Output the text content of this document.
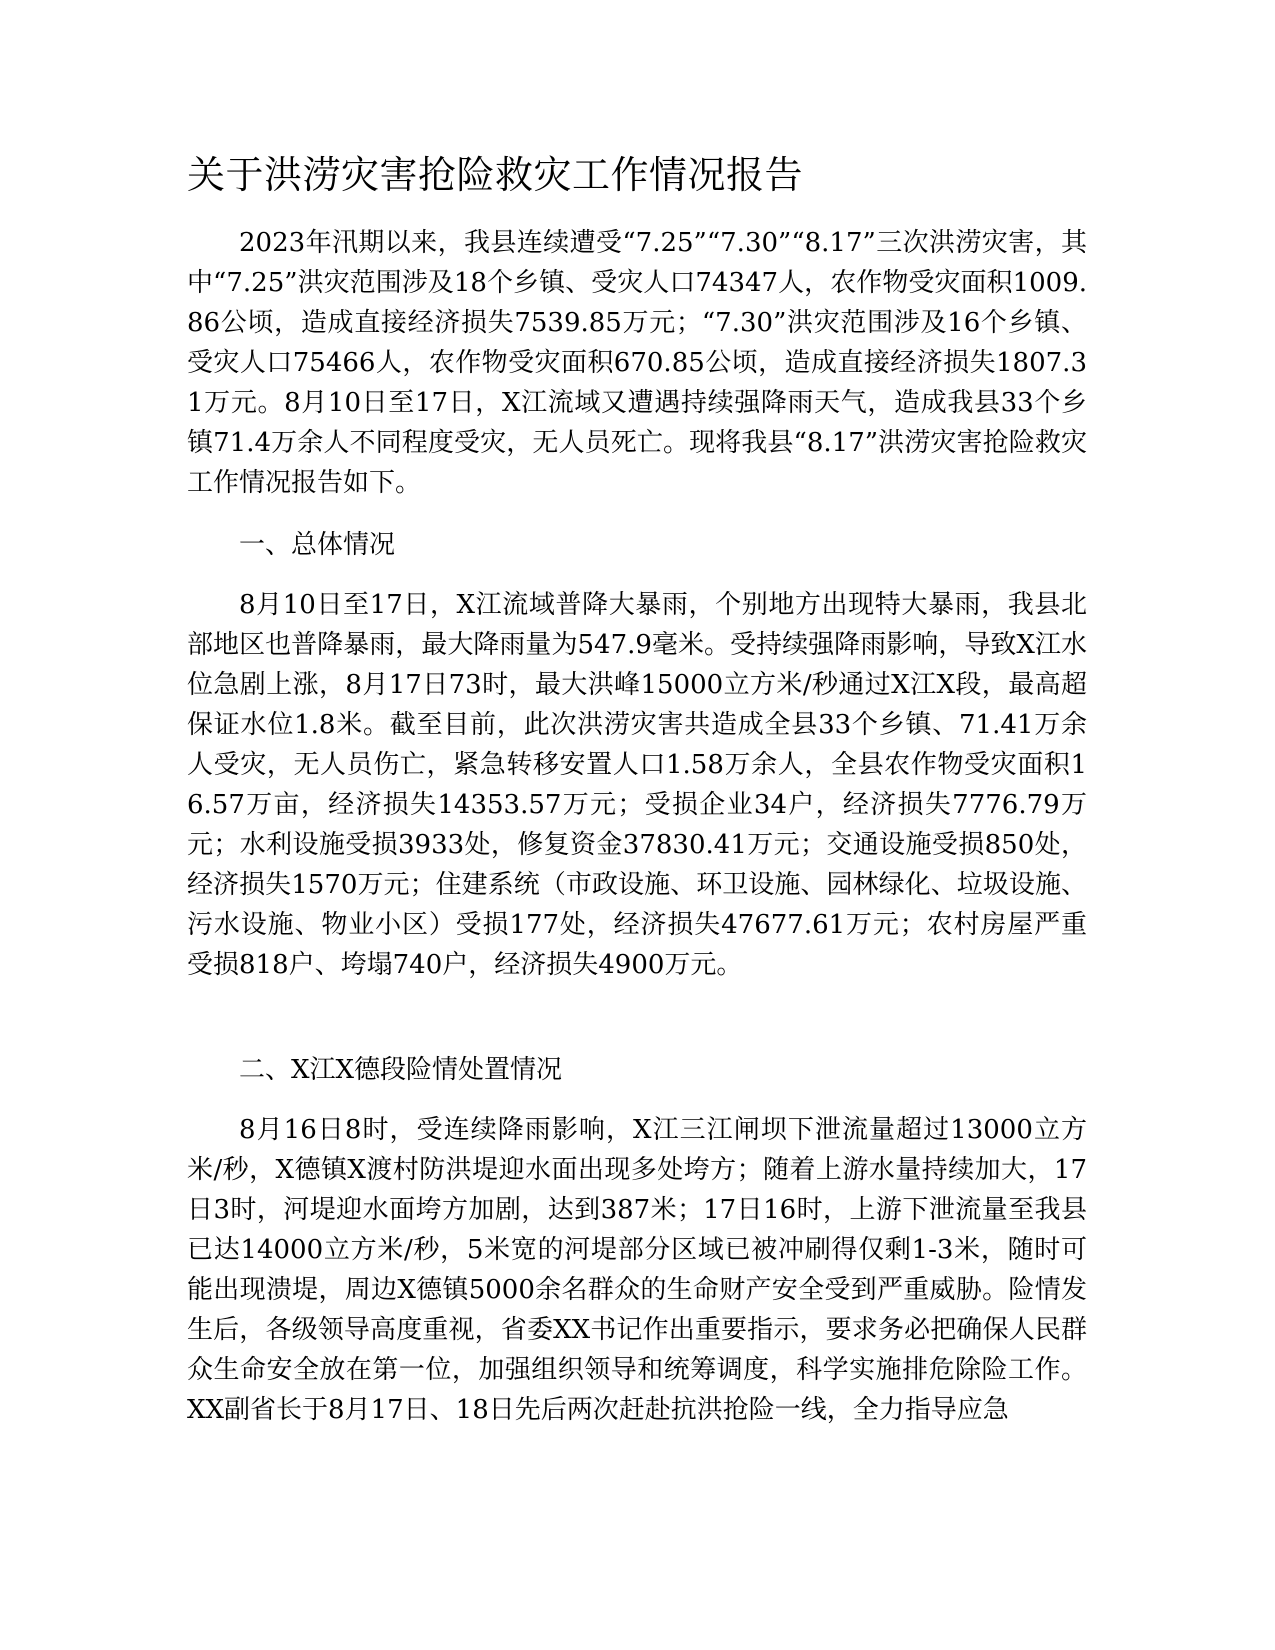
关于洪涝灾害抢险救灾工作情况报告

2023年汛期以来，我县连续遭受“7.25”“7.30”“8.17”三次洪涝灾害，其中“7.25”洪灾范围涉及18个乡镇、受灾人口74347人，农作物受灾面积1009.86公顷，造成直接经济损失7539.85万元；“7.30”洪灾范围涉及16个乡镇、受灾人口75466人，农作物受灾面积670.85公顷，造成直接经济损失1807.31万元。8月10日至17日，X江流域又遭遇持续强降雨天气，造成我县33个乡镇71.4万余人不同程度受灾，无人员死亡。现将我县“8.17”洪涝灾害抢险救灾工作情况报告如下。

一、总体情况

8月10日至17日，X江流域普降大暴雨，个别地方出现特大暴雨，我县北部地区也普降暴雨，最大降雨量为547.9毫米。受持续强降雨影响，导致X江水位急剧上涨，8月17日73时，最大洪峰15000立方米/秒通过X江X段，最高超保证水位1.8米。截至目前，此次洪涝灾害共造成全县33个乡镇、71.41万余人受灾，无人员伤亡，紧急转移安置人口1.58万余人，全县农作物受灾面积16.57万亩，经济损失14353.57万元；受损企业34户，经济损失7776.79万元；水利设施受损3933处，修复资金37830.41万元；交通设施受损850处，经济损失1570万元；住建系统（市政设施、环卫设施、园林绿化、垃圾设施、污水设施、物业小区）受损177处，经济损失47677.61万元；农村房屋严重受损818户、垮塌740户，经济损失4900万元。

二、X江X德段险情处置情况

8月16日8时，受连续降雨影响，X江三江闸坝下泄流量超过13000立方米/秒，X德镇X渡村防洪堤迎水面出现多处垮方；随着上游水量持续加大，17日3时，河堤迎水面垮方加剧，达到387米；17日16时，上游下泄流量至我县已达14000立方米/秒，5米宽的河堤部分区域已被冲刷得仅剩1-3米，随时可能出现溃堤，周边X德镇5000余名群众的生命财产安全受到严重威胁。险情发生后，各级领导高度重视，省委XX书记作出重要指示，要求务必把确保人民群众生命安全放在第一位，加强组织领导和统筹调度，科学实施排危除险工作。XX副省长于8月17日、18日先后两次赶赴抗洪抢险一线，全力指导应急
